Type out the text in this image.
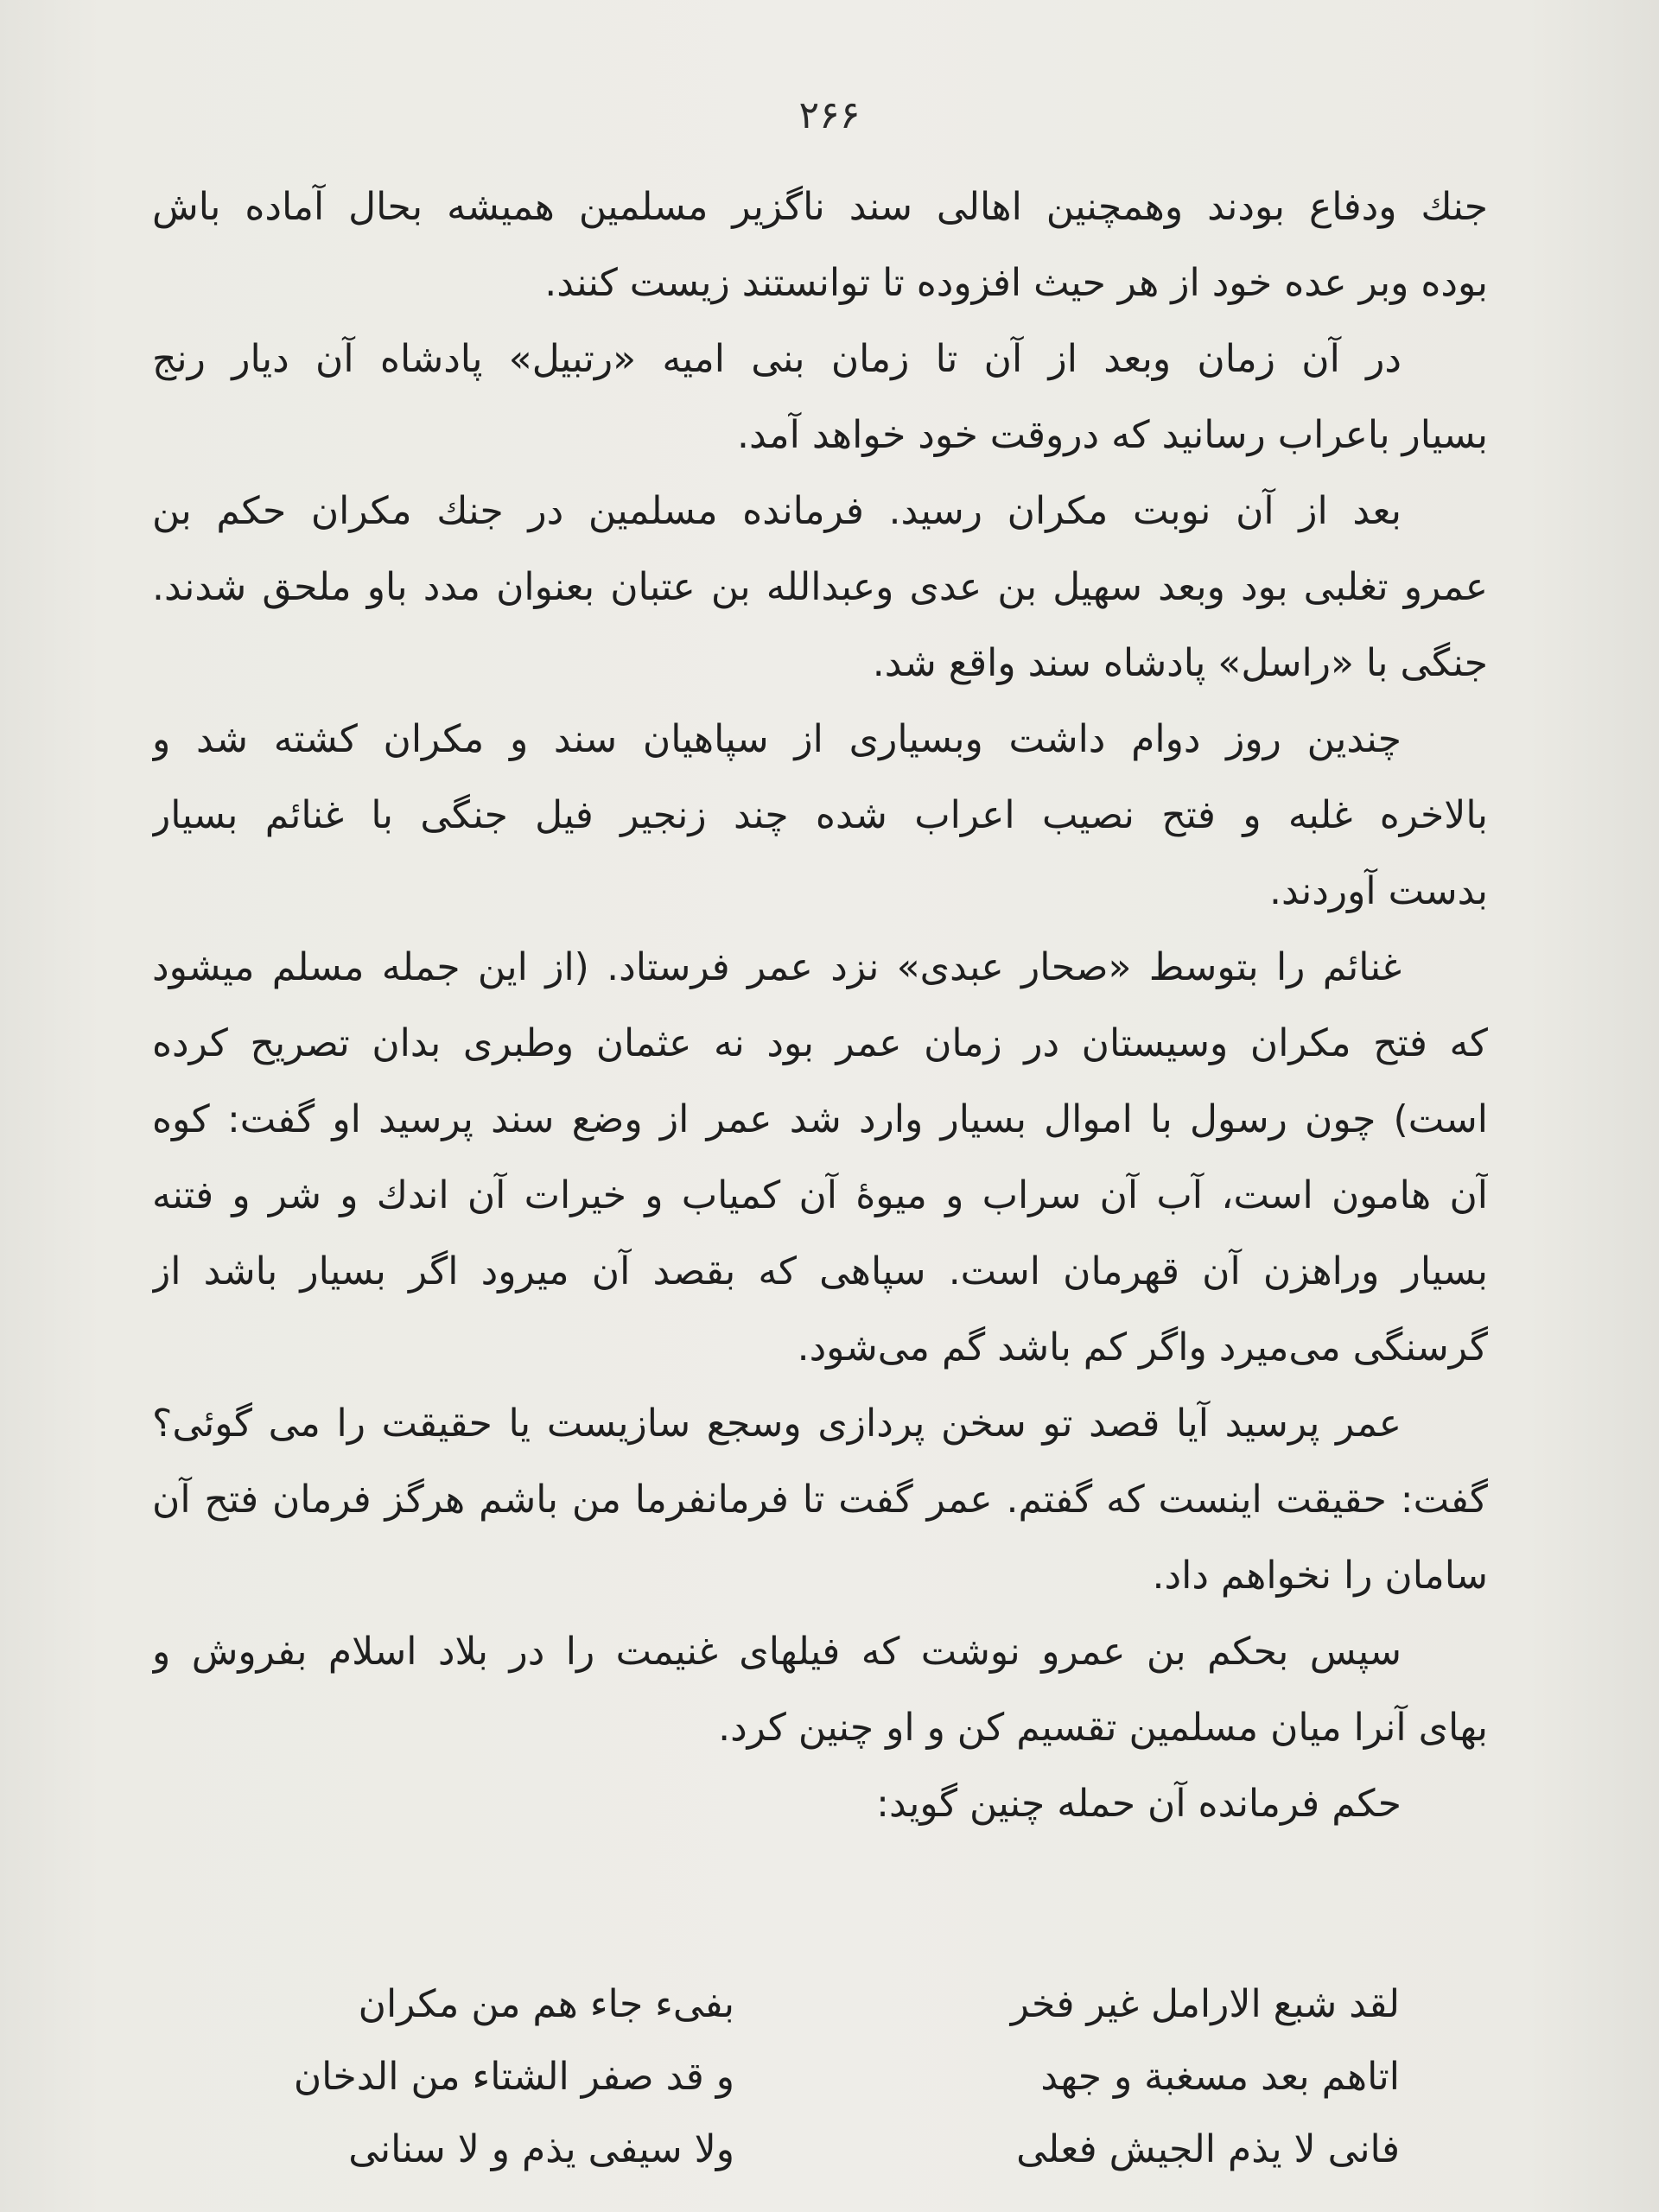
۲۶۶
جنك ودفاع بودند وهمچنین اهالی سند ناگزیر مسلمین همیشه بحال آماده باش
بوده وبر عده خود از هر حیث افزوده تا توانستند زیست کنند.
در آن زمان وبعد از آن تا زمان بنی امیه «رتبیل» پادشاه آن دیار رنج
بسیار باعراب رسانید که دروقت خود خواهد آمد.
بعد از آن نوبت مکران رسید. فرمانده مسلمین در جنك مکران حکم بن
عمرو تغلبی بود وبعد سهیل بن عدی وعبدالله بن عتبان بعنوان مدد باو ملحق شدند.
جنگی با «راسل» پادشاه سند واقع شد.
چندین روز دوام داشت وبسیاری از سپاهیان سند و مکران کشته شد و
بالاخره غلبه و فتح نصیب اعراب شده چند زنجیر فیل جنگی با غنائم بسیار
بدست آوردند.
غنائم را بتوسط «صحار عبدی» نزد عمر فرستاد. (از این جمله مسلم میشود
که فتح مکران وسیستان در زمان عمر بود نه عثمان وطبری بدان تصریح کرده
است) چون رسول با اموال بسیار وارد شد عمر از وضع سند پرسید او گفت: کوه
آن هامون است، آب آن سراب و میوهٔ آن کمیاب و خیرات آن اندك و شر و فتنه
بسیار وراهزن آن قهرمان است. سپاهی که بقصد آن میرود اگر بسیار باشد از
گرسنگی می‌میرد واگر کم باشد گم می‌شود.
عمر پرسید آیا قصد تو سخن پردازی وسجع سازیست یا حقیقت را می گوئی؟
گفت: حقیقت اینست که گفتم. عمر گفت تا فرمانفرما من باشم هرگز فرمان فتح آن
سامان را نخواهم داد.
سپس بحکم بن عمرو نوشت که فیلهای غنیمت را در بلاد اسلام بفروش و
بهای آنرا میان مسلمین تقسیم کن و او چنین کرد.
حکم فرمانده آن حمله چنین گوید:
لقد شبع الارامل غیر فخر
بفیء جاء هم من مکران
اتاهم بعد مسغبة و جهد
و قد صفر الشتاء من الدخان
فانی لا یذم الجیش فعلی
ولا سیفی یذم و لا سنانی
